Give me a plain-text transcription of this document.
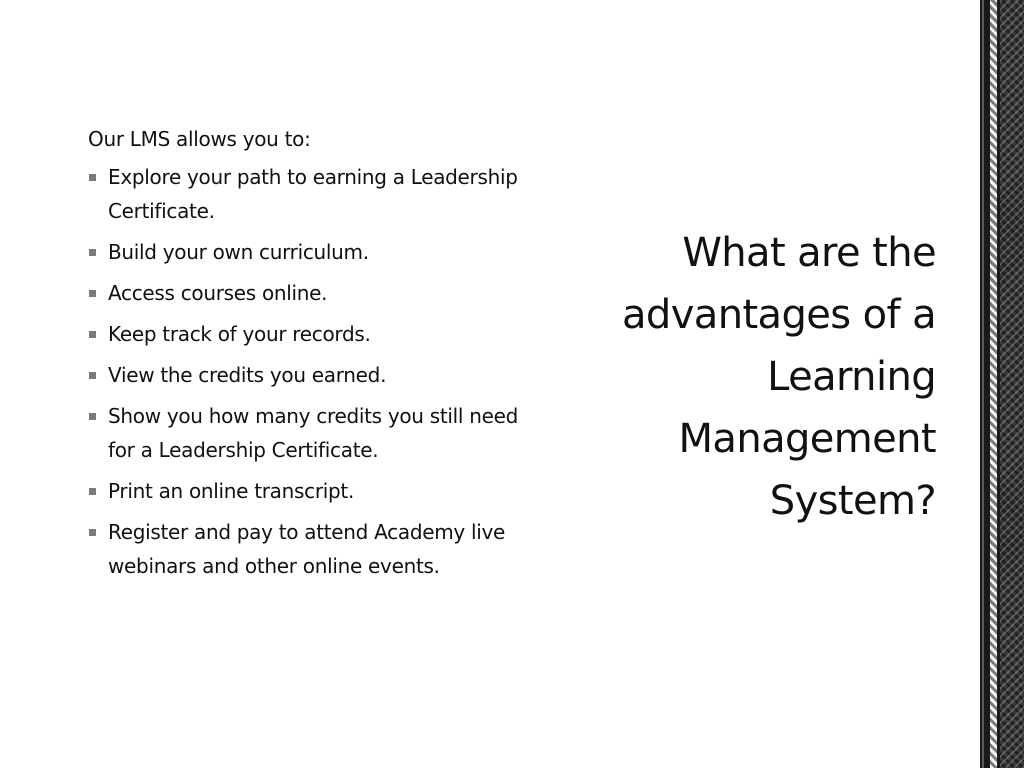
Our LMS allows you to:

Explore your path to earning a Leadership Certificate.
Build your own curriculum.
Access courses online.
Keep track of your records.
View the credits you earned.
Show you how many credits you still need for a Leadership Certificate.
Print an online transcript.
Register and pay to attend Academy live webinars and other online events.
What are the advantages of a Learning Management System?
